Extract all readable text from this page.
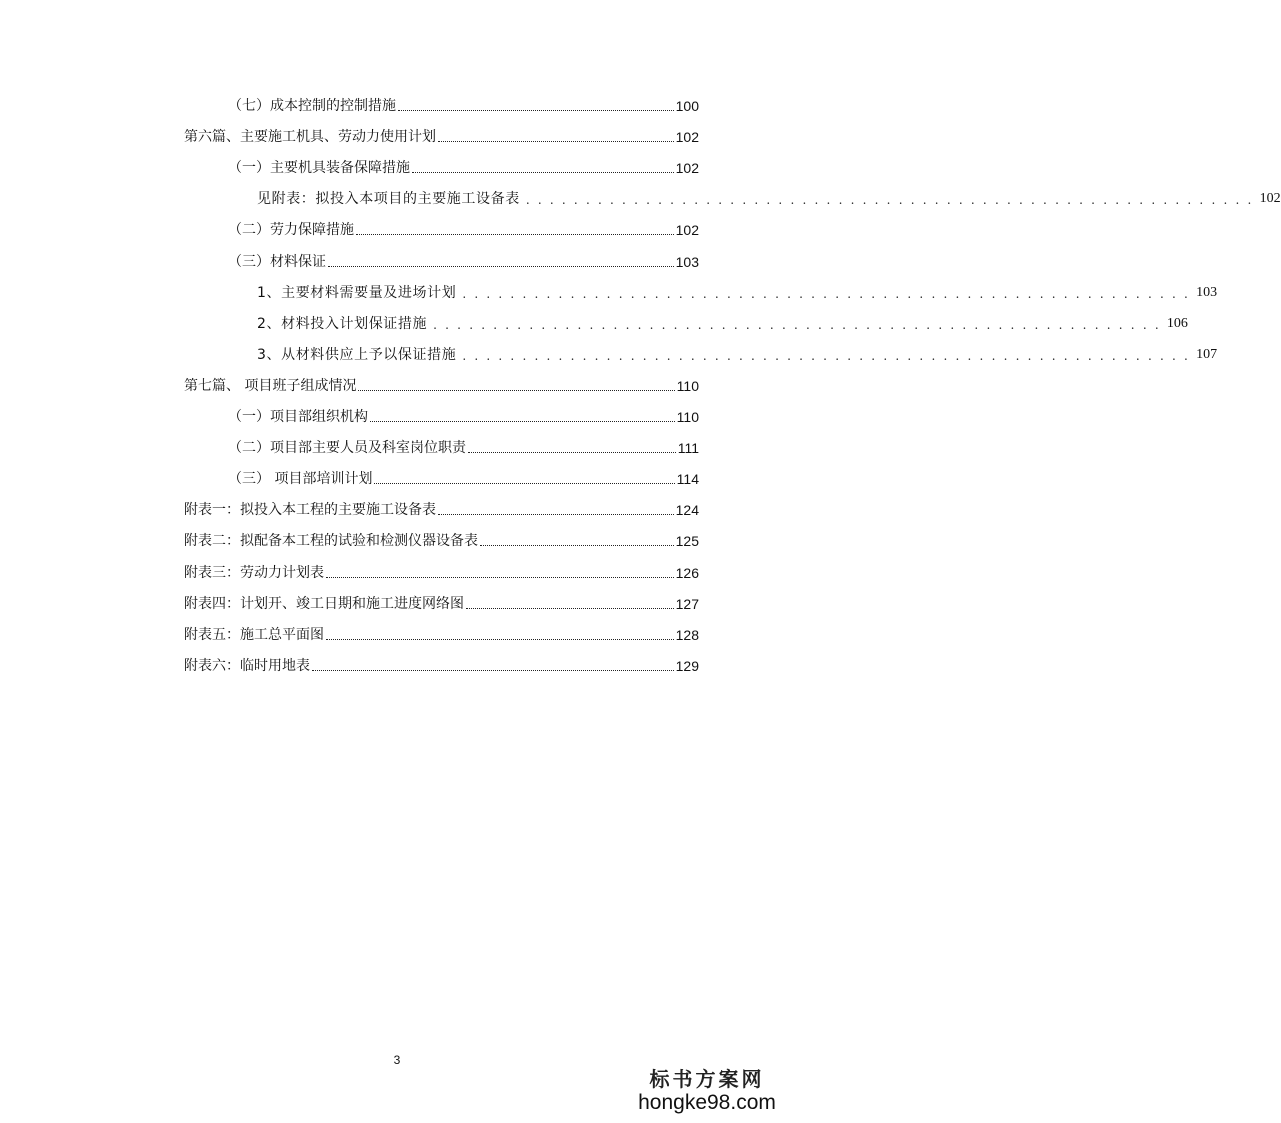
（七）成本控制的控制措施	100
第六篇、主要施工机具、劳动力使用计划	102
（一）主要机具装备保障措施	102
见附表：拟投入本项目的主要施工设备表 . . . . . . . . . . . . . . . . . . . . . . . . . . . . . . . . . . . . . . . . . . . . . . . . . . . . . . . . . . . . . 102
（二）劳力保障措施	102
（三）材料保证	103
1、主要材料需要量及进场计划 . . . . . . . . . . . . . . . . . . . . . . . . . . . . . . . . . . . . . . . . . . . . . . . . . . . . . . . . . . . . . 103
2、材料投入计划保证措施 . . . . . . . . . . . . . . . . . . . . . . . . . . . . . . . . . . . . . . . . . . . . . . . . . . . . . . . . . . . . . 106
3、从材料供应上予以保证措施 . . . . . . . . . . . . . . . . . . . . . . . . . . . . . . . . . . . . . . . . . . . . . . . . . . . . . . . . . . . . . 107
第七篇、 项目班子组成情况	110
（一）项目部组织机构	110
（二）项目部主要人员及科室岗位职责	111
（三） 项目部培训计划	114
附表一：拟投入本工程的主要施工设备表	124
附表二：拟配备本工程的试验和检测仪器设备表	125
附表三：劳动力计划表	126
附表四：计划开、竣工日期和施工进度网络图	127
附表五：施工总平面图	128
附表六：临时用地表	129
3
标书方案网
hongke98.com
